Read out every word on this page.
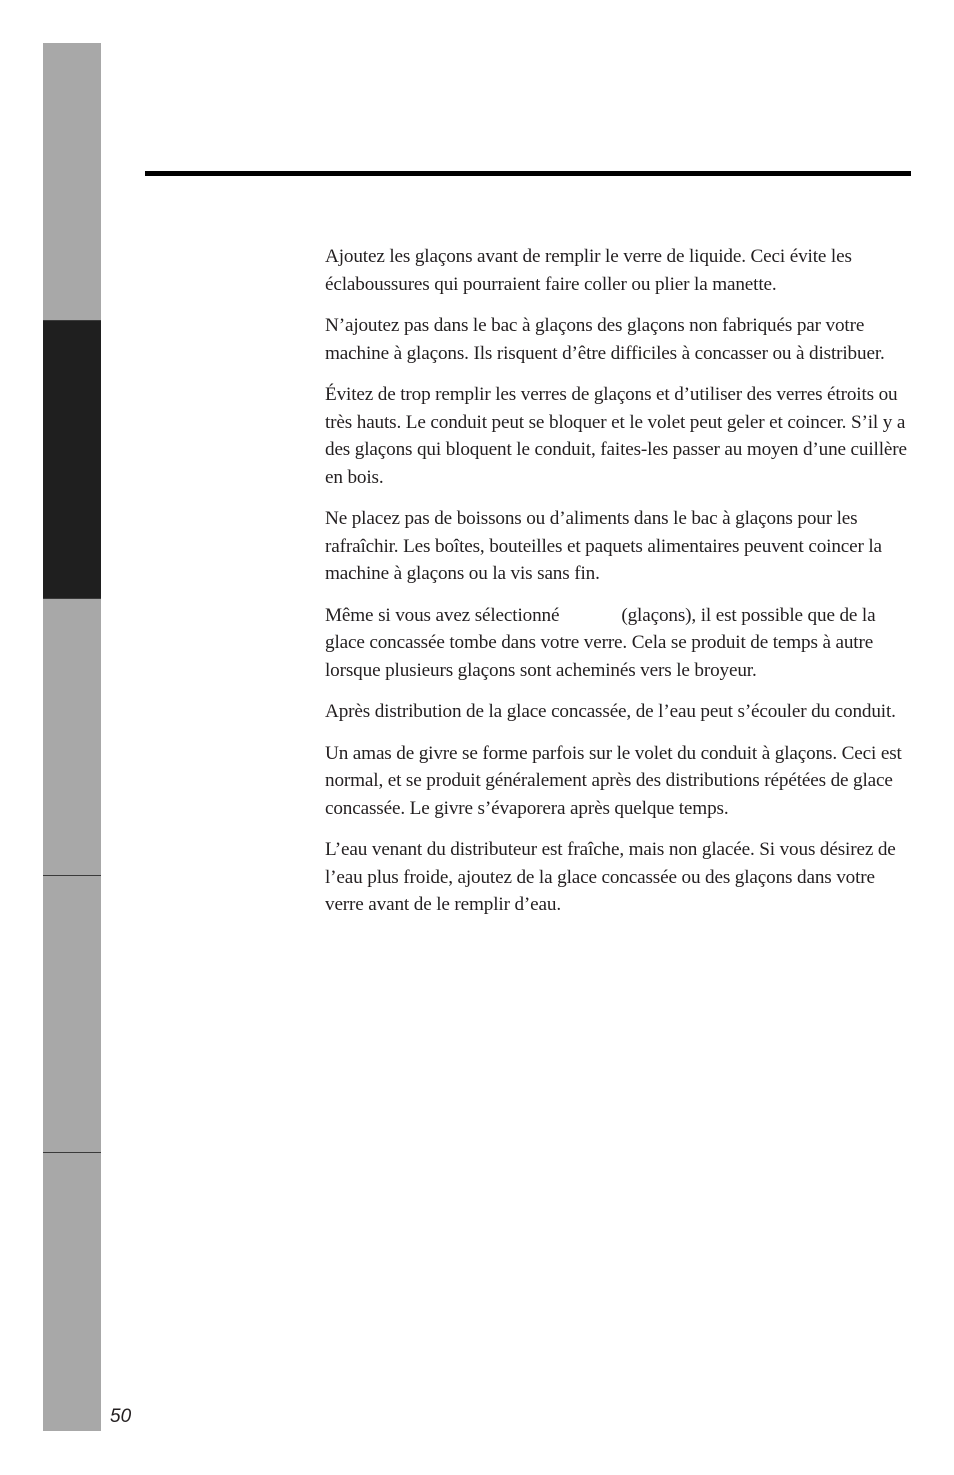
Ajoutez les glaçons avant de remplir le verre de liquide. Ceci évite les éclaboussures qui pourraient faire coller ou plier la manette.

N’ajoutez pas dans le bac à glaçons des glaçons non fabriqués par votre machine à glaçons. Ils risquent d’être difficiles à concasser ou à distribuer.

Évitez de trop remplir les verres de glaçons et d’utiliser des verres étroits ou très hauts. Le conduit peut se bloquer et le volet peut geler et coincer. S’il y a des glaçons qui bloquent le conduit, faites-les passer au moyen d’une cuillère en bois.

Ne placez pas de boissons ou d’aliments dans le bac à glaçons pour les rafraîchir. Les boîtes, bouteilles et paquets alimentaires peuvent coincer la machine à glaçons ou la vis sans fin.

Même si vous avez sélectionné	(glaçons), il est possible que de la glace concassée tombe dans votre verre. Cela se produit de temps à autre lorsque plusieurs glaçons sont acheminés vers le broyeur.

Après distribution de la glace concassée, de l’eau peut s’écouler du conduit.

Un amas de givre se forme parfois sur le volet du conduit à glaçons. Ceci est normal, et se produit généralement après des distributions répétées de glace concassée. Le givre s’évaporera après quelque temps.

L’eau venant du distributeur est fraîche, mais non glacée. Si vous désirez de l’eau plus froide, ajoutez de la glace concassée ou des glaçons dans votre verre avant de le remplir d’eau.

50
